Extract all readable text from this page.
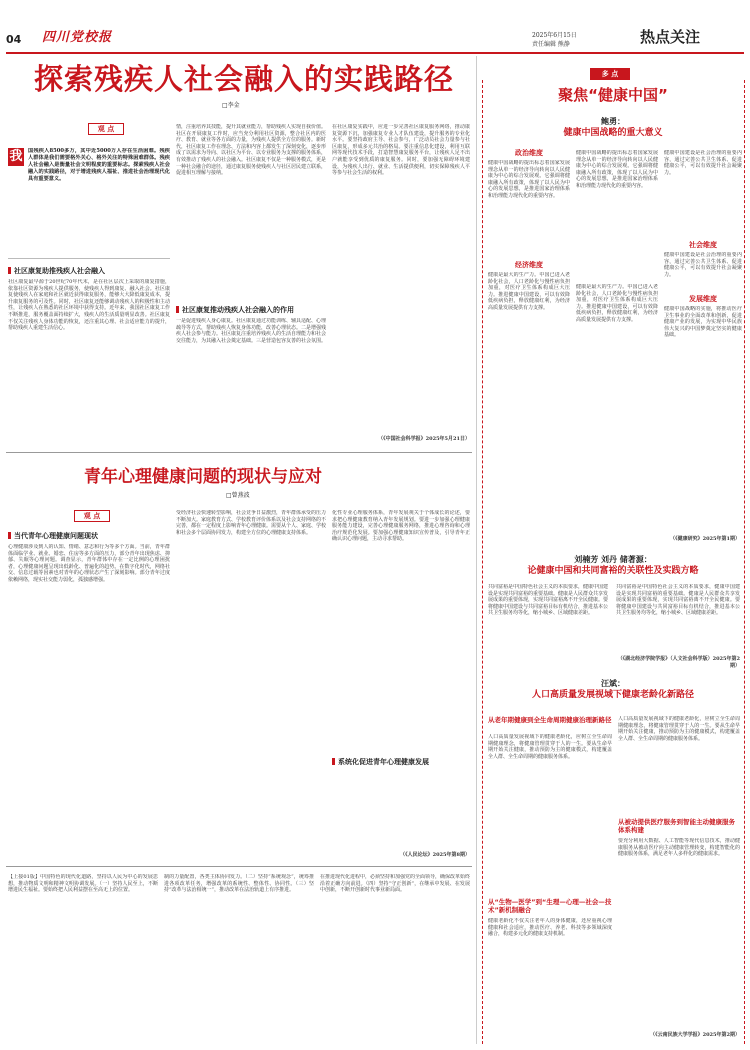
04 四川党校报	2025年6月15日
责任编辑 熊静	热点关注
探索残疾人社会融入的实践路径
□李金
观 点
我 国残疾人8500多万，其中近5000万人存在生活困难。残疾人群体是我们需要格外关心、格外关注的特殊困难群体。残疾人社会融入是衡量社会文明程度的重要标志。探索残疾人社会融入的实践路径，对于增进残疾人福祉、推进社会治理现代化具有重要意义。
社区康复助推残疾人社会融入
社区康复最早源于20世纪70年代末，是在社区层次上采取的康复措施，依靠社区资源为残疾人提供服务，使残疾人得到康复、融入社会。社区康复使残疾人在家庭和社区就近获得康复服务，能够大大降低康复成本，提升康复服务的可及性。同时，社区康复还能够调动残疾人的积极性和主动性，让残疾人在熟悉的社区环境中获得支持。近年来，我国社区康复工作不断推进，服务覆盖面持续扩大，残疾人的生活质量明显改善。社区康复不仅关注残疾人身体功能的恢复，还注重其心理、社会适应能力的提升，帮助残疾人重建生活信心。
情，注重培养其技能，提升其就业能力，帮助残疾人实现自我价值。社区在开展康复工作时，应当充分利用社区资源，整合社区内的医疗、教育、就业等各方面的力量，为残疾人提供全方位的服务。新时代，社区康复工作在理念、方法和内容上都发生了深刻变化，逐步形成了以需求为导向、以社区为平台、以专业服务为支撑的服务体系，有效推动了残疾人的社会融入。社区康复不仅是一种服务模式，更是一种社会融合的途径，通过康复服务使残疾人与社区居民建立联系，促进相互理解与接纳。
社区康复推动残疾人社会融入的作用
一是促进残疾人身心康复。社区康复通过功能训练、辅具适配、心理疏导等方式，帮助残疾人恢复身体功能，改善心理状态。二是增强残疾人社会参与能力。社区康复注重培养残疾人的生活自理能力和社会交往能力，为其融入社会奠定基础。三是营造包容友善的社会氛围。
在社区康复实践中，应进一步完善社区康复服务网络，推动康复资源下沉，加强康复专业人才队伍建设，提升服务的专业化水平。要坚持政府主导、社会参与，广泛动员社会力量参与社区康复，形成多元共治的格局。要注重信息化建设，利用互联网等现代技术手段，打造智慧康复服务平台，让残疾人足不出户就能享受到优质的康复服务。同时，要加强无障碍环境建设，为残疾人出行、就业、生活提供便利，切实保障残疾人平等参与社会生活的权利。
（《中国社会科学报》2025年5月21日）
青年心理健康问题的现状与应对
□曾燕波
观 点
当代青年心理健康问题现状
心理健康涉及到人的认知、情绪、意志和行为等多个方面。当前，青年群体面临学业、就业、婚恋、住房等多方面的压力，部分青年出现焦虑、抑郁、失眠等心理问题。调查显示，青年群体中存在一定比例的心理困扰者，心理健康问题呈现出低龄化、普遍化的趋势。在数字化时代，网络社交、信息过载等因素也对青年的心理状态产生了深刻影响。部分青年过度依赖网络，现实社交能力弱化，孤独感增强。
受经济社会快速转型影响，社会竞争日益激烈，青年群体承受的压力不断加大。家庭教育方式、学校教育评价体系以及社会支持网络的不完善，都在一定程度上影响青年心理健康。需要从个人、家庭、学校和社会多个层面协同发力，构建全方位的心理健康支持体系。
系统化促进青年心理健康发展
化性专业心理服务体系，青年发展观关于个体成长的论述，要求把心理健康教育纳入青年发展规划。要进一步加强心理健康服务能力建设，完善心理健康服务网络，推进心理咨询和心理治疗规范化发展。要加强心理健康知识宣传普及，引导青年正确认识心理问题，主动寻求帮助。
（《人民论坛》2025年第8期）
【上接01版】中国特色的现代化道路，坚持以人民为中心的发展思想，推动物质文明和精神文明协调发展。（一）坚持人民至上，不断增进民生福祉。要始终把人民利益摆在至高无上的位置。
制的力量配置，各类主体协同发力。（二）坚持“系统观念”，统筹推进各项改革任务，增强改革的系统性、整体性、协同性。（三）坚持“改革与法治相统一”，推动改革在法治轨道上有序推进。
在推进现代化进程中，必须坚持和加强党的全面领导，确保改革始终沿着正确方向前进。（四）坚持“守正创新”，在继承中发展、在发展中创新，不断开创新时代事业新局面。
多 点
聚焦“健康中国”
鲍勇：
健康中国战略的重大意义
政治维度
健康中国战略的提出标志着国家发展理念从单一的经济导向转向以人民健康为中心的综合发展观。它强调将健康融入所有政策，体现了以人民为中心的发展思想，是推进国家治理体系和治理能力现代化的重要内容。
经济维度
健康是最大的生产力。中国已进入老龄化社会，人口老龄化与慢性病负担加重，对医疗卫生体系构成巨大压力。推进健康中国建设，可以有效降低疾病负担，释放健康红利，为经济高质量发展提供有力支撑。
健康中国战略的提出标志着国家发展理念从单一的经济导向转向以人民健康为中心的综合发展观。它强调将健康融入所有政策，体现了以人民为中心的发展思想，是推进国家治理体系和治理能力现代化的重要内容。
健康是最大的生产力。中国已进入老龄化社会，人口老龄化与慢性病负担加重，对医疗卫生体系构成巨大压力。推进健康中国建设，可以有效降低疾病负担，释放健康红利，为经济高质量发展提供有力支撑。
健康中国建设是社会治理的重要内容，通过完善公共卫生体系、促进健康公平，可以有效提升社会凝聚力。
社会维度
健康中国建设是社会治理的重要内容，通过完善公共卫生体系、促进健康公平，可以有效提升社会凝聚力。
发展维度
健康中国战略的实施，将推动医疗卫生事业的全面改革和创新，促进健康产业的发展，为实现中华民族伟大复兴的中国梦奠定坚实的健康基础。
（《健康研究》2025年第1期）
刘楠芳 刘丹 储著源：
论健康中国和共同富裕的关联性及实践方略
共同富裕是中国特色社会主义的本质要求，健康中国建设是实现共同富裕的重要基础。健康是人民群众共享发展成果的重要体现，实现共同富裕离不开全民健康。要将健康中国建设与共同富裕目标有机结合，推进基本公共卫生服务均等化，缩小城乡、区域健康差距。
共同富裕是中国特色社会主义的本质要求，健康中国建设是实现共同富裕的重要基础。健康是人民群众共享发展成果的重要体现，实现共同富裕离不开全民健康。要将健康中国建设与共同富裕目标有机结合，推进基本公共卫生服务均等化，缩小城乡、区域健康差距。
（《湖北经济学院学报》（人文社会科学版）2025年第2期）
汪斌：
人口高质量发展视域下健康老龄化新路径
从老年期健康到全生命周期健康治理新路径
人口高质量发展视域下的健康老龄化，应树立全生命周期健康理念，将健康管理贯穿于人的一生。要从生命早期开始关注健康，推动预防为主的健康模式，构建覆盖全人群、全生命周期的健康服务体系。
从“生物—医学”到“生理—心理—社会—技术”新机制融合
健康老龄化不仅关注老年人的身体健康，还应重视心理健康和社会适应，推动医疗、养老、科技等多领域深度融合，构建多元化的健康支持机制。
人口高质量发展视域下的健康老龄化，应树立全生命周期健康理念，将健康管理贯穿于人的一生。要从生命早期开始关注健康，推动预防为主的健康模式，构建覆盖全人群、全生命周期的健康服务体系。
从被动提供医疗服务到智能主动健康服务体系构建
要充分利用大数据、人工智能等现代信息技术，推动健康服务从被动医疗向主动健康管理转变，构建智能化的健康服务体系，满足老年人多样化的健康需求。
（《云南民族大学学报》2025年第2期）
